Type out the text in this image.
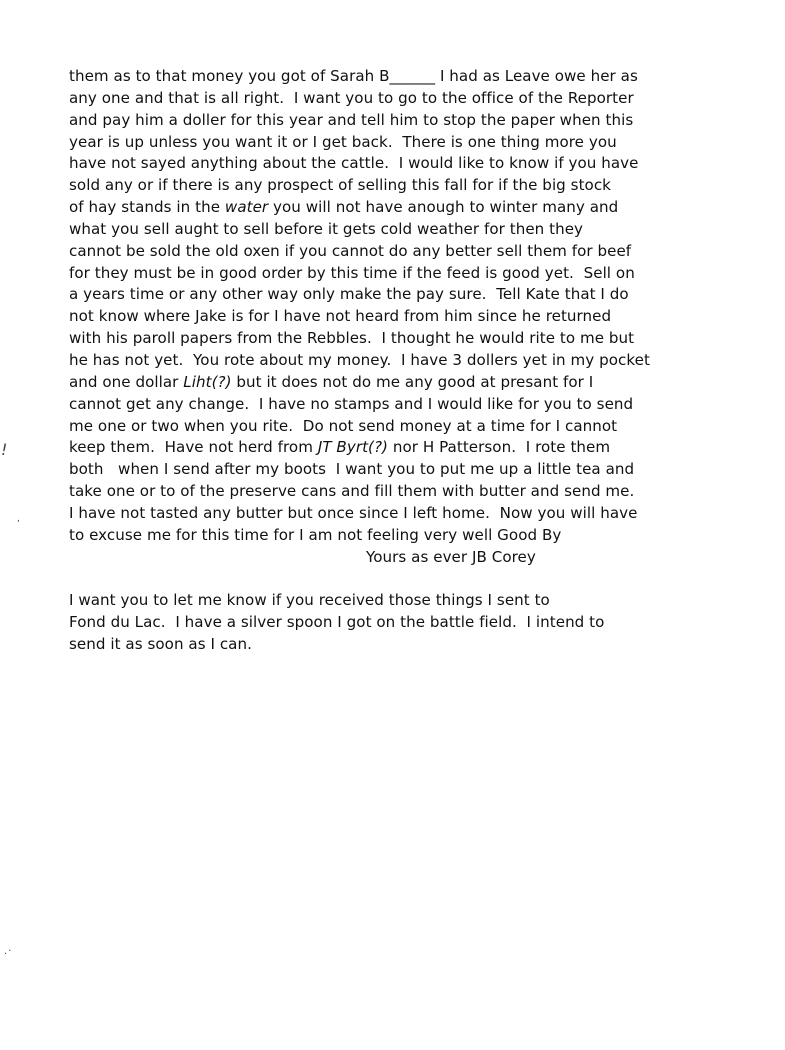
!
,
.·
them as to that money you got of Sarah B______ I had as Leave owe her as
any one and that is all right.  I want you to go to the office of the Reporter
and pay him a doller for this year and tell him to stop the paper when this
year is up unless you want it or I get back.  There is one thing more you
have not sayed anything about the cattle.  I would like to know if you have
sold any or if there is any prospect of selling this fall for if the big stock
of hay stands in the water you will not have anough to winter many and
what you sell aught to sell before it gets cold weather for then they
cannot be sold the old oxen if you cannot do any better sell them for beef
for they must be in good order by this time if the feed is good yet.  Sell on
a years time or any other way only make the pay sure.  Tell Kate that I do
not know where Jake is for I have not heard from him since he returned
with his paroll papers from the Rebbles.  I thought he would rite to me but
he has not yet.  You rote about my money.  I have 3 dollers yet in my pocket
and one dollar Liht(?) but it does not do me any good at presant for I
cannot get any change.  I have no stamps and I would like for you to send
me one or two when you rite.  Do not send money at a time for I cannot
keep them.  Have not herd from JT Byrt(?) nor H Patterson.  I rote them
both   when I send after my boots  I want you to put me up a little tea and
take one or to of the preserve cans and fill them with butter and send me.
I have not tasted any butter but once since I left home.  Now you will have
to excuse me for this time for I am not feeling very well Good By
Yours as ever JB Corey
I want you to let me know if you received those things I sent to
Fond du Lac.  I have a silver spoon I got on the battle field.  I intend to
send it as soon as I can.
